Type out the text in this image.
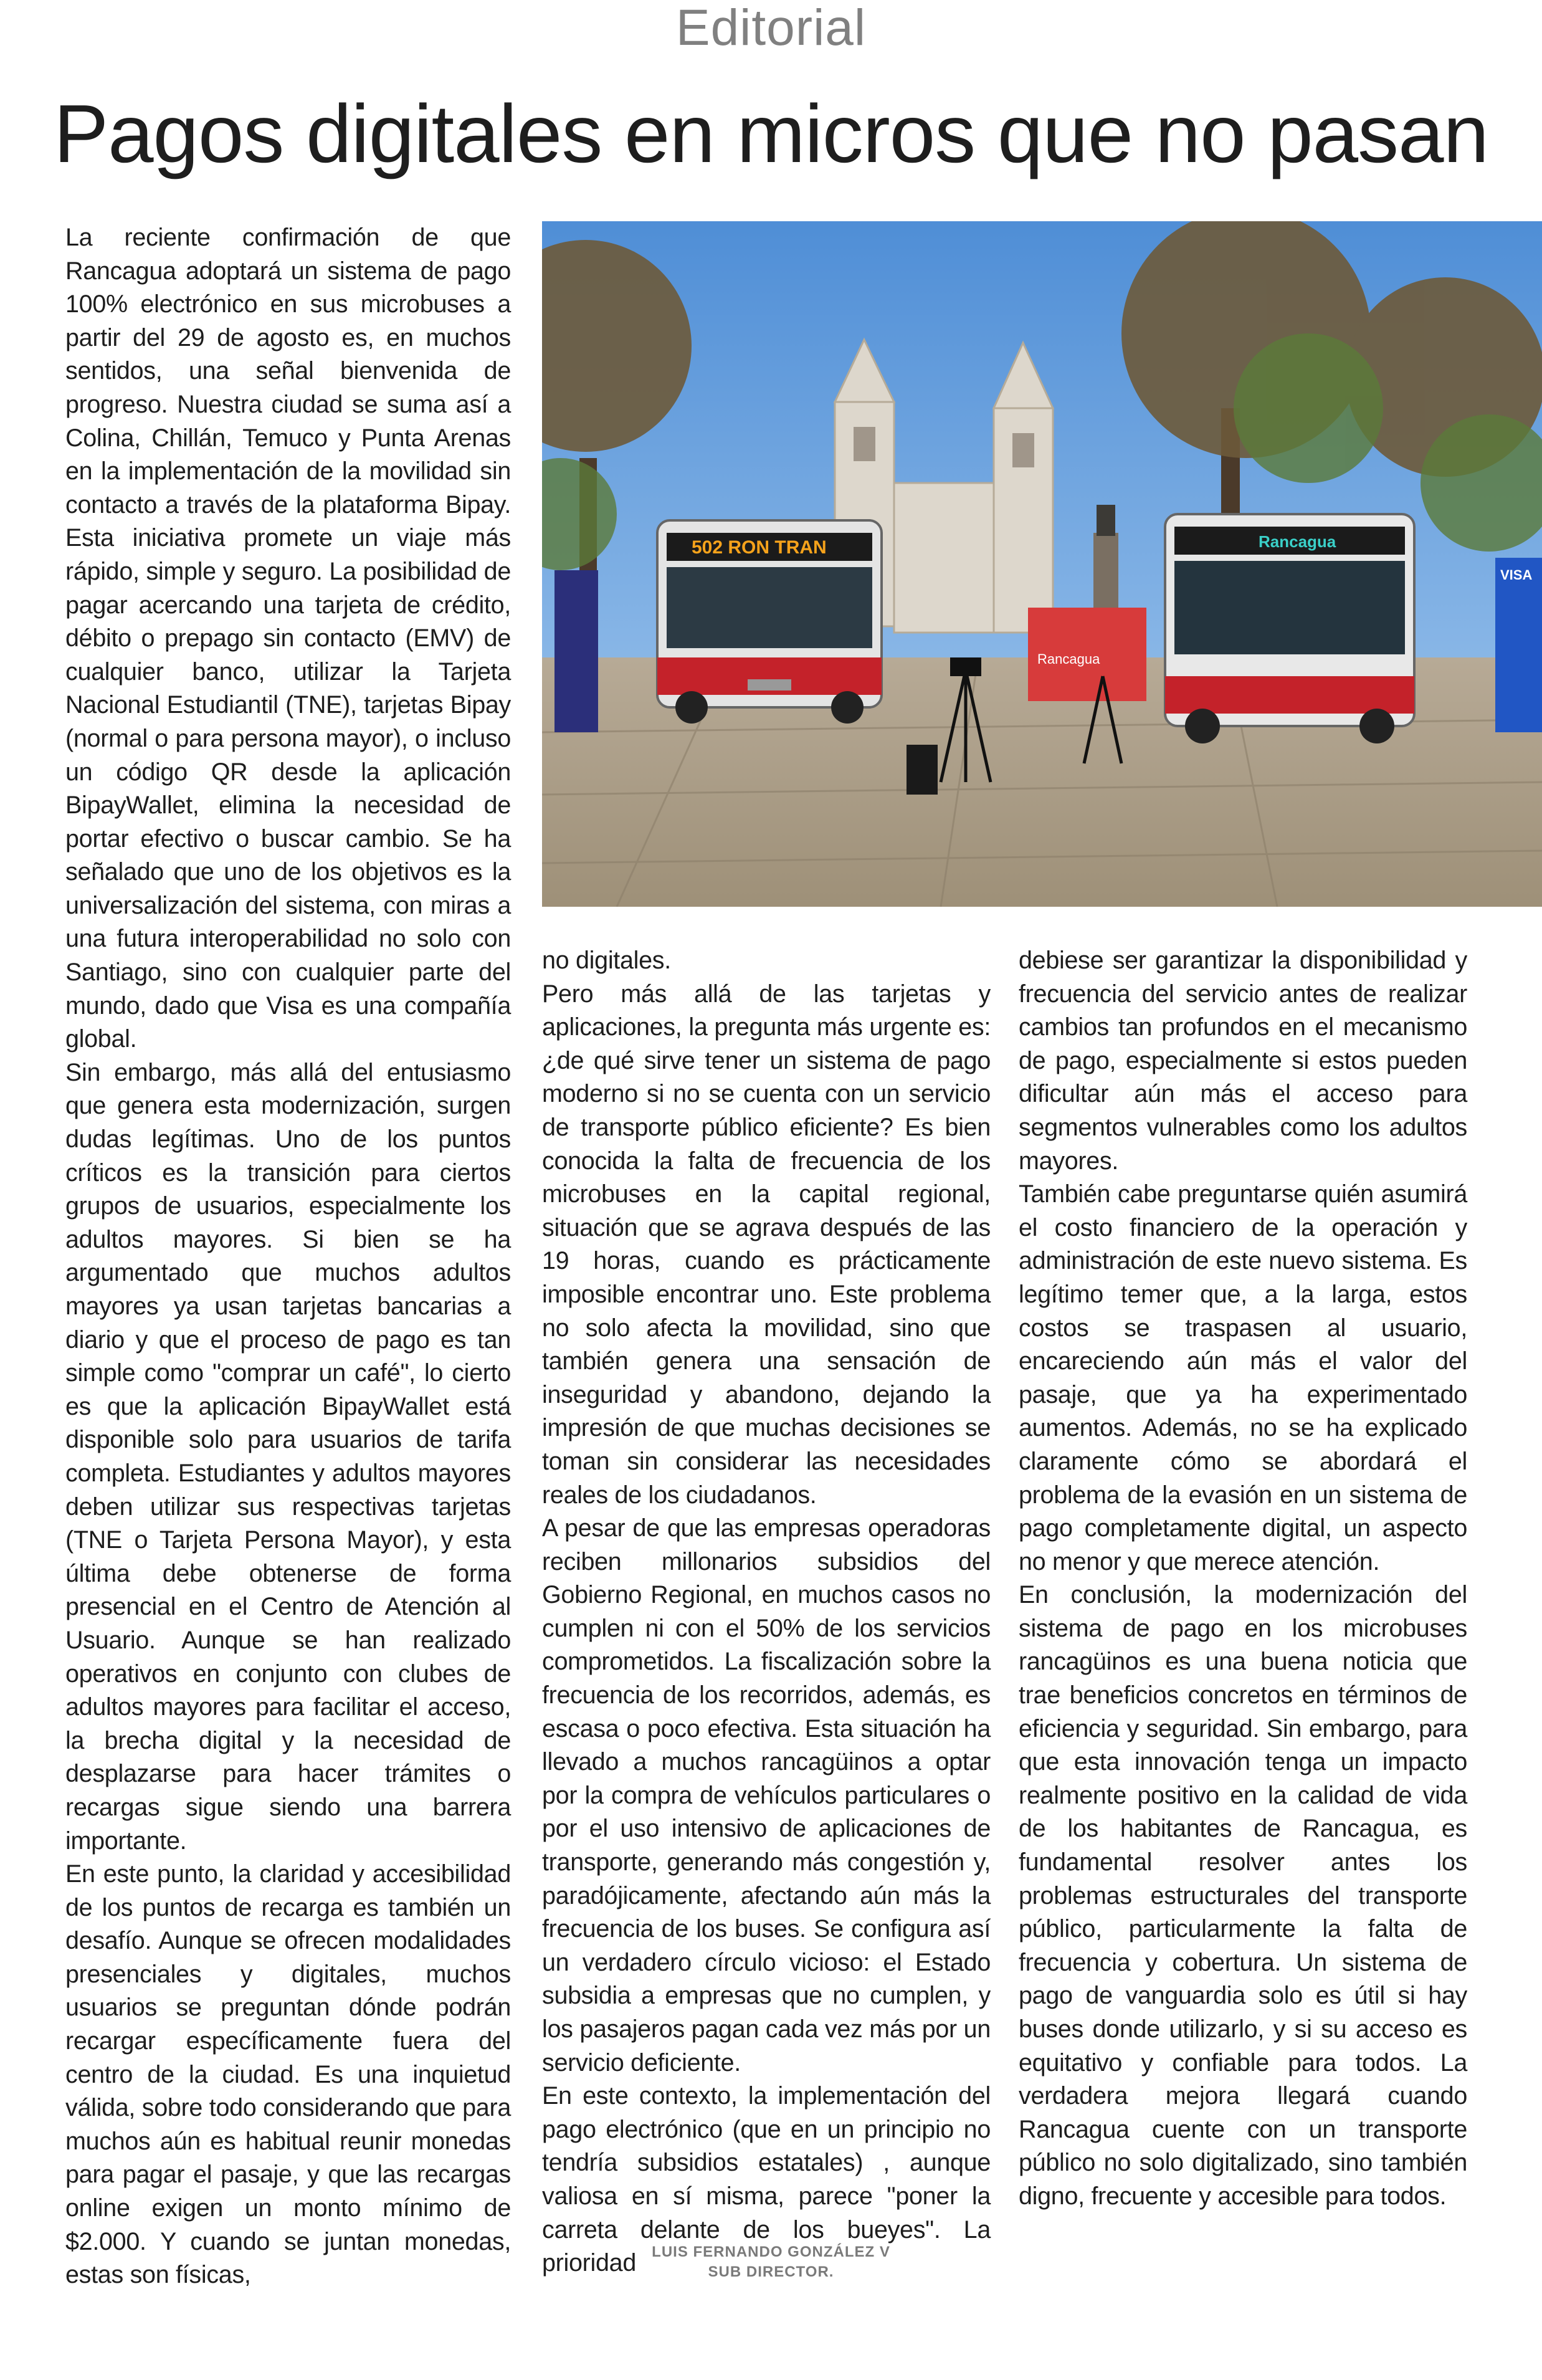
Editorial
Pagos digitales en micros que no pasan
502 RON TRAN	Rancagua
Rancagua
VISA

La reciente confirmación de que Rancagua adoptará un sistema de pago 100% electrónico en sus microbuses a partir del 29 de agosto es, en muchos sentidos, una señal bienvenida de progreso. Nuestra ciudad se suma así a Colina, Chillán, Temuco y Punta Arenas en la implementación de la movilidad sin contacto a través de la plataforma Bipay. Esta iniciativa promete un viaje más rápido, simple y seguro. La posibilidad de pagar acercando una tarjeta de crédito, débito o prepago sin contacto (EMV) de cualquier banco, utilizar la Tarjeta Nacional Estudiantil (TNE), tarjetas Bipay (normal o para persona mayor), o incluso un código QR desde la aplicación BipayWallet, elimina la necesidad de portar efectivo o buscar cambio. Se ha señalado que uno de los objetivos es la universalización del sistema, con miras a una futura interoperabilidad no solo con Santiago, sino con cualquier parte del mundo, dado que Visa es una compañía global.

Sin embargo, más allá del entusiasmo que genera esta modernización, surgen dudas legítimas. Uno de los puntos críticos es la transición para ciertos grupos de usuarios, especialmente los adultos mayores. Si bien se ha argumentado que muchos adultos mayores ya usan tarjetas bancarias a diario y que el proceso de pago es tan simple como "comprar un café", lo cierto es que la aplicación BipayWallet está disponible solo para usuarios de tarifa completa. Estudiantes y adultos mayores deben utilizar sus respectivas tarjetas (TNE o Tarjeta Persona Mayor), y esta última debe obtenerse de forma presencial en el Centro de Atención al Usuario. Aunque se han realizado operativos en conjunto con clubes de adultos mayores para facilitar el acceso, la brecha digital y la necesidad de desplazarse para hacer trámites o recargas sigue siendo una barrera importante.

En este punto, la claridad y accesibilidad de los puntos de recarga es también un desafío. Aunque se ofrecen modalidades presenciales y digitales, muchos usuarios se preguntan dónde podrán recargar específicamente fuera del centro de la ciudad. Es una inquietud válida, sobre todo considerando que para muchos aún es habitual reunir monedas para pagar el pasaje, y que las recargas online exigen un monto mínimo de $2.000. Y cuando se juntan monedas, estas son físicas,

no digitales.

Pero más allá de las tarjetas y aplicaciones, la pregunta más urgente es: ¿de qué sirve tener un sistema de pago moderno si no se cuenta con un servicio de transporte público eficiente? Es bien conocida la falta de frecuencia de los microbuses en la capital regional, situación que se agrava después de las 19 horas, cuando es prácticamente imposible encontrar uno. Este problema no solo afecta la movilidad, sino que también genera una sensación de inseguridad y abandono, dejando la impresión de que muchas decisiones se toman sin considerar las necesidades reales de los ciudadanos.

A pesar de que las empresas operadoras reciben millonarios subsidios del Gobierno Regional, en muchos casos no cumplen ni con el 50% de los servicios comprometidos. La fiscalización sobre la frecuencia de los recorridos, además, es escasa o poco efectiva. Esta situación ha llevado a muchos rancagüinos a optar por la compra de vehículos particulares o por el uso intensivo de aplicaciones de transporte, generando más congestión y, paradójicamente, afectando aún más la frecuencia de los buses. Se configura así un verdadero círculo vicioso: el Estado subsidia a empresas que no cumplen, y los pasajeros pagan cada vez más por un servicio deficiente.

En este contexto, la implementación del pago electrónico (que en un principio no tendría subsidios estatales) , aunque valiosa en sí misma, parece "poner la carreta delante de los bueyes". La prioridad

debiese ser garantizar la disponibilidad y frecuencia del servicio antes de realizar cambios tan profundos en el mecanismo de pago, especialmente si estos pueden dificultar aún más el acceso para segmentos vulnerables como los adultos mayores.

También cabe preguntarse quién asumirá el costo financiero de la operación y administración de este nuevo sistema. Es legítimo temer que, a la larga, estos costos se traspasen al usuario, encareciendo aún más el valor del pasaje, que ya ha experimentado aumentos. Además, no se ha explicado claramente cómo se abordará el problema de la evasión en un sistema de pago completamente digital, un aspecto no menor y que merece atención.

En conclusión, la modernización del sistema de pago en los microbuses rancagüinos es una buena noticia que trae beneficios concretos en términos de eficiencia y seguridad. Sin embargo, para que esta innovación tenga un impacto realmente positivo en la calidad de vida de los habitantes de Rancagua, es fundamental resolver antes los problemas estructurales del transporte público, particularmente la falta de frecuencia y cobertura. Un sistema de pago de vanguardia solo es útil si hay buses donde utilizarlo, y si su acceso es equitativo y confiable para todos. La verdadera mejora llegará cuando Rancagua cuente con un transporte público no solo digitalizado, sino también digno, frecuente y accesible para todos.

LUIS FERNANDO GONZÁLEZ V
SUB DIRECTOR.
